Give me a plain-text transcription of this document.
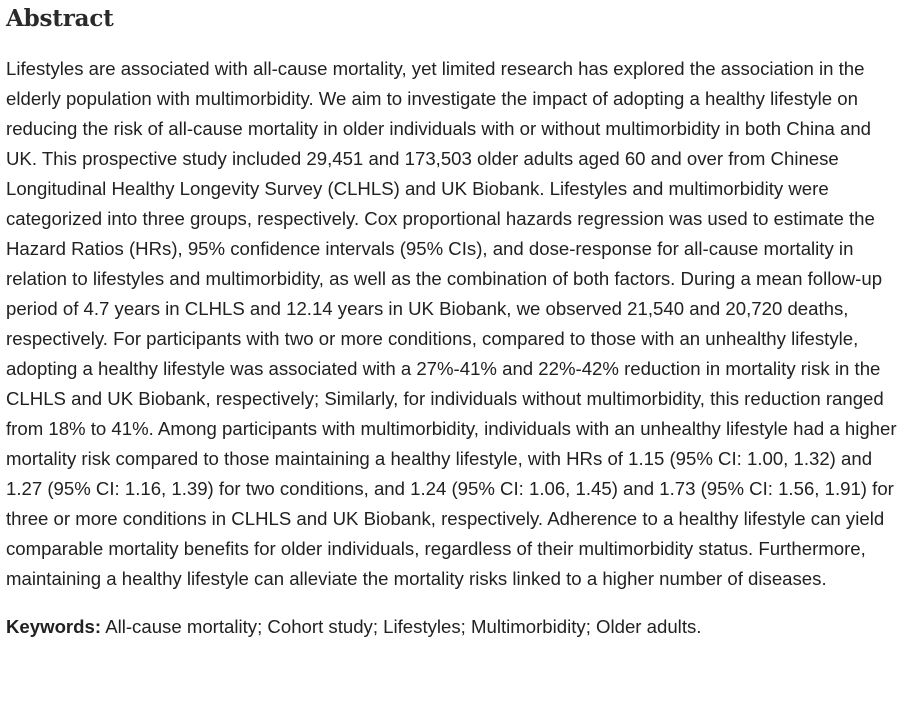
Abstract

Lifestyles are associated with all-cause mortality, yet limited research has explored the association in the elderly population with multimorbidity. We aim to investigate the impact of adopting a healthy lifestyle on reducing the risk of all-cause mortality in older individuals with or without multimorbidity in both China and UK. This prospective study included 29,451 and 173,503 older adults aged 60 and over from Chinese Longitudinal Healthy Longevity Survey (CLHLS) and UK Biobank. Lifestyles and multimorbidity were categorized into three groups, respectively. Cox proportional hazards regression was used to estimate the Hazard Ratios (HRs), 95% confidence intervals (95% CIs), and dose-response for all-cause mortality in relation to lifestyles and multimorbidity, as well as the combination of both factors. During a mean follow-up period of 4.7 years in CLHLS and 12.14 years in UK Biobank, we observed 21,540 and 20,720 deaths, respectively. For participants with two or more conditions, compared to those with an unhealthy lifestyle, adopting a healthy lifestyle was associated with a 27%-41% and 22%-42% reduction in mortality risk in the CLHLS and UK Biobank, respectively; Similarly, for individuals without multimorbidity, this reduction ranged from 18% to 41%. Among participants with multimorbidity, individuals with an unhealthy lifestyle had a higher mortality risk compared to those maintaining a healthy lifestyle, with HRs of 1.15 (95% CI: 1.00, 1.32) and 1.27 (95% CI: 1.16, 1.39) for two conditions, and 1.24 (95% CI: 1.06, 1.45) and 1.73 (95% CI: 1.56, 1.91) for three or more conditions in CLHLS and UK Biobank, respectively. Adherence to a healthy lifestyle can yield comparable mortality benefits for older individuals, regardless of their multimorbidity status. Furthermore, maintaining a healthy lifestyle can alleviate the mortality risks linked to a higher number of diseases.

Keywords: All-cause mortality; Cohort study; Lifestyles; Multimorbidity; Older adults.
